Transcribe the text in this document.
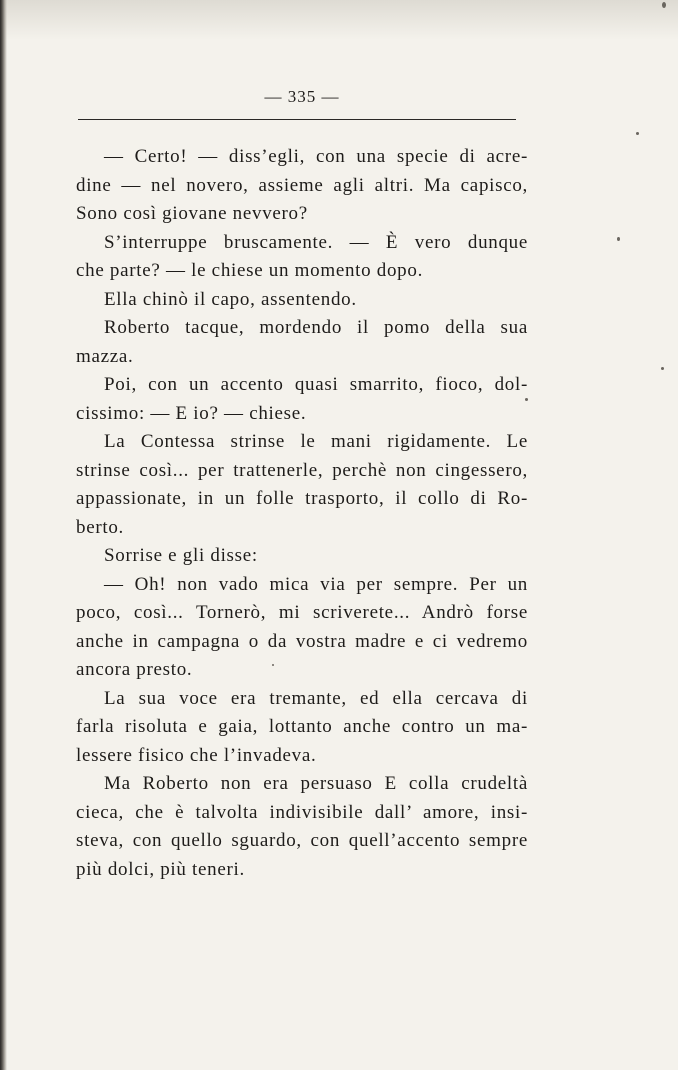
— 335 —
— Certo! — diss’egli, con una specie di acre-
dine — nel novero, assieme agli altri. Ma capisco,
Sono così giovane nevvero?
S’interruppe bruscamente. — È vero dunque
che parte? — le chiese un momento dopo.
Ella chinò il capo, assentendo.
Roberto tacque, mordendo il pomo della sua
mazza.
Poi, con un accento quasi smarrito, fioco, dol-
cissimo: — E io? — chiese.
La Contessa strinse le mani rigidamente. Le
strinse così... per trattenerle, perchè non cingessero,
appassionate, in un folle trasporto, il collo di Ro-
berto.
Sorrise e gli disse:
— Oh! non vado mica via per sempre. Per un
poco, così... Tornerò, mi scriverete... Andrò forse
anche in campagna o da vostra madre e ci vedremo
ancora presto.
La sua voce era tremante, ed ella cercava di
farla risoluta e gaia, lottanto anche contro un ma-
lessere fisico che l’invadeva.
Ma Roberto non era persuaso E colla crudeltà
cieca, che è talvolta indivisibile dall’ amore, insi-
steva, con quello sguardo, con quell’accento sempre
più dolci, più teneri.
